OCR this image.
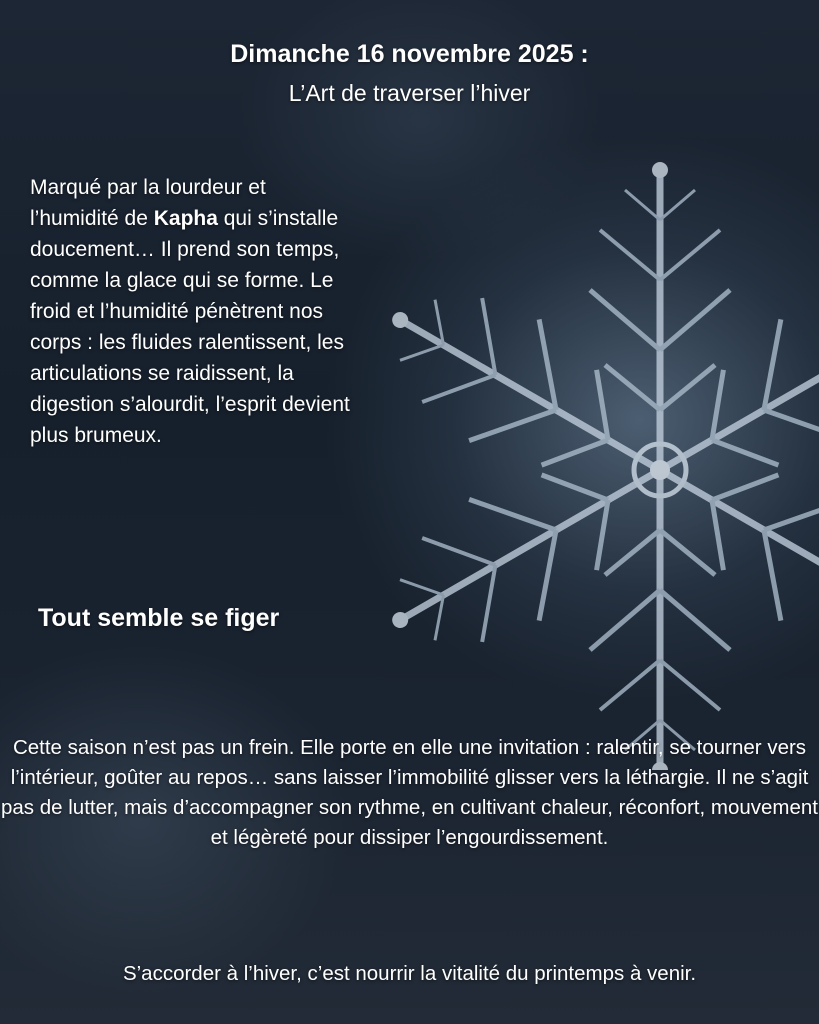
Dimanche 16 novembre 2025 :
L’Art de traverser l’hiver
Marqué par la lourdeur et l’humidité de Kapha qui s’installe doucement… Il prend son temps, comme la glace qui se forme. Le froid et l’humidité pénètrent nos corps : les fluides ralentissent, les articulations se raidissent, la digestion s’alourdit, l’esprit devient plus brumeux.
Tout semble se figer
Cette saison n’est pas un frein. Elle porte en elle une invitation : ralentir, se tourner vers l’intérieur, goûter au repos… sans laisser l’immobilité glisser vers la léthargie. Il ne s’agit pas de lutter, mais d’accompagner son rythme, en cultivant chaleur, réconfort, mouvement et légèreté pour dissiper l’engourdissement.
S’accorder à l’hiver, c’est nourrir la vitalité du printemps à venir.
